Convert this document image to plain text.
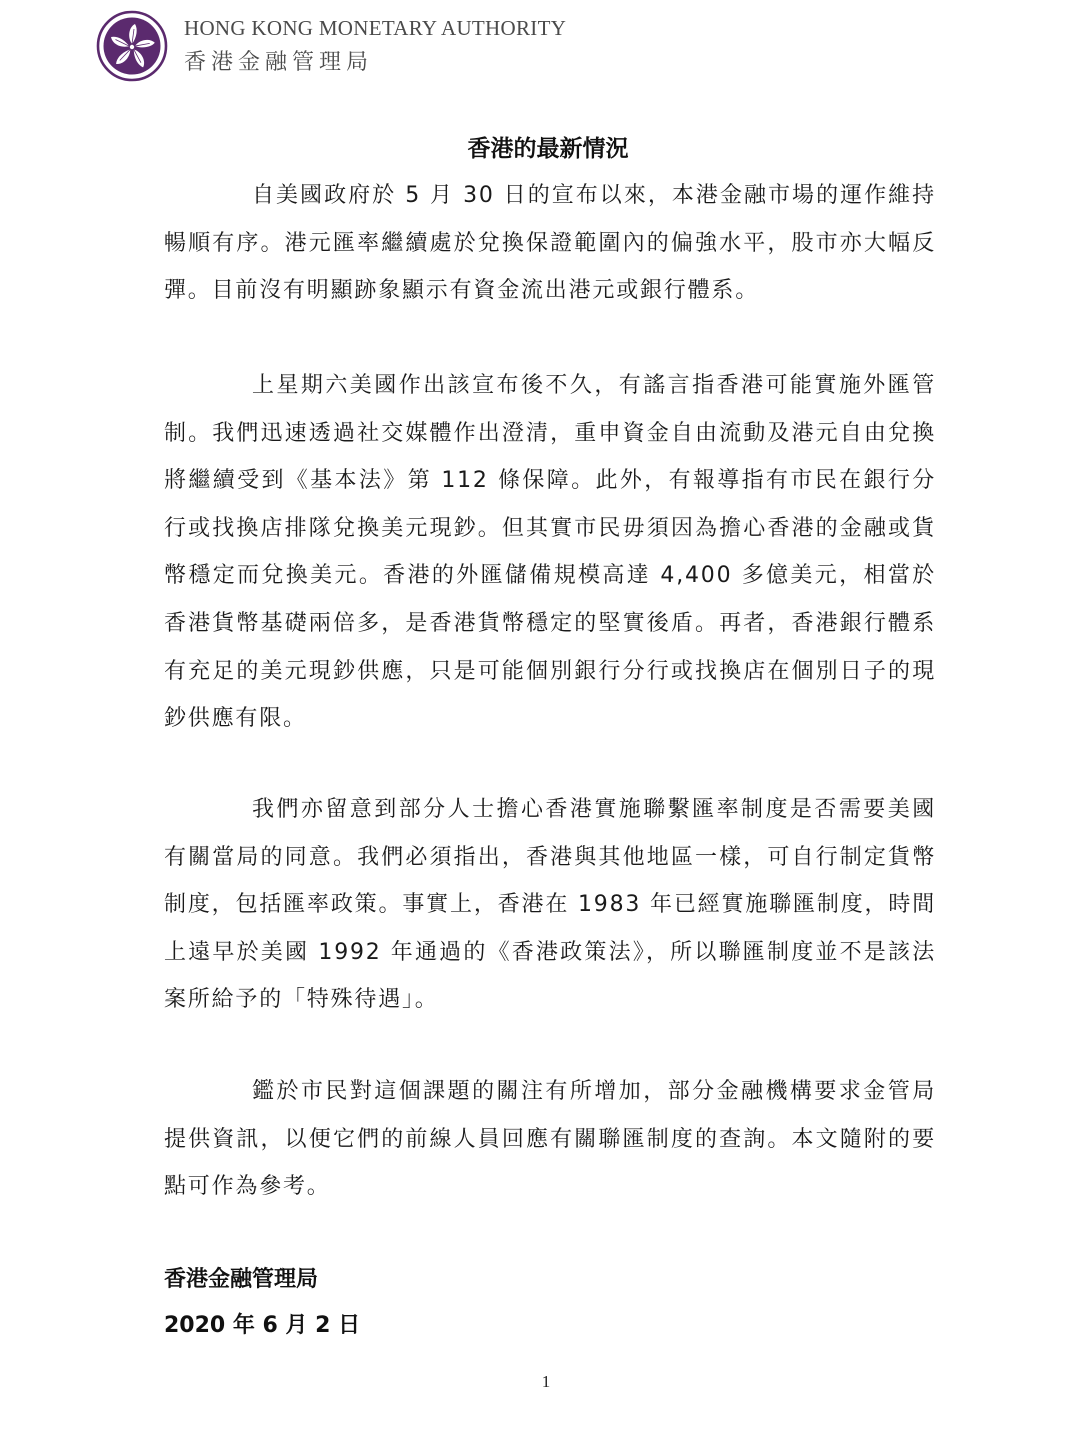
HONG KONG MONETARY AUTHORITY
香港金融管理局
香港的最新情況

自美國政府於 5 月 30 日的宣布以來，本港金融市場的運作維持暢順有序。港元匯率繼續處於兌換保證範圍內的偏強水平，股市亦大幅反彈。目前沒有明顯跡象顯示有資金流出港元或銀行體系。

上星期六美國作出該宣布後不久，有謠言指香港可能實施外匯管制。我們迅速透過社交媒體作出澄清，重申資金自由流動及港元自由兌換將繼續受到《基本法》第 112 條保障。此外，有報導指有市民在銀行分行或找換店排隊兌換美元現鈔。但其實市民毋須因為擔心香港的金融或貨幣穩定而兌換美元。香港的外匯儲備規模高達 4,400 多億美元，相當於香港貨幣基礎兩倍多，是香港貨幣穩定的堅實後盾。再者，香港銀行體系有充足的美元現鈔供應，只是可能個別銀行分行或找換店在個別日子的現鈔供應有限。

我們亦留意到部分人士擔心香港實施聯繫匯率制度是否需要美國有關當局的同意。我們必須指出，香港與其他地區一樣，可自行制定貨幣制度，包括匯率政策。事實上，香港在 1983 年已經實施聯匯制度，時間上遠早於美國 1992 年通過的《香港政策法》，所以聯匯制度並不是該法案所給予的「特殊待遇」。

鑑於市民對這個課題的關注有所增加，部分金融機構要求金管局提供資訊，以便它們的前線人員回應有關聯匯制度的查詢。本文隨附的要點可作為參考。

香港金融管理局
2020 年 6 月 2 日
1
